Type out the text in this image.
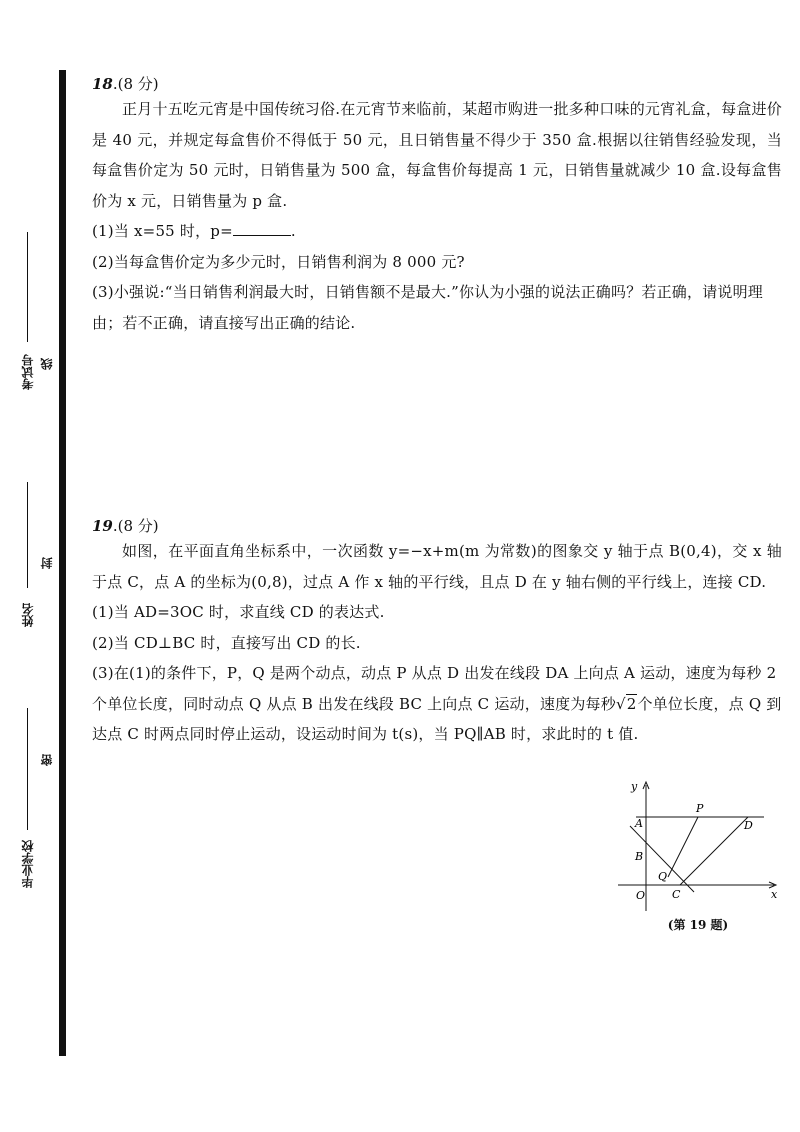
考试号
姓名
毕业学校
线
封
密
18.(8 分)

正月十五吃元宵是中国传统习俗.在元宵节来临前，某超市购进一批多种口味的元宵礼盒，每盒进价是 40 元，并规定每盒售价不得低于 50 元，且日销售量不得少于 350 盒.根据以往销售经验发现，当每盒售价定为 50 元时，日销售量为 500 盒，每盒售价每提高 1 元，日销售量就减少 10 盒.设每盒售价为 x 元，日销售量为 p 盒.

(1)当 x=55 时，p=	.

(2)当每盒售价定为多少元时，日销售利润为 8 000 元?

(3)小强说:“当日销售利润最大时，日销售额不是最大.”你认为小强的说法正确吗？若正确，请说明理由；若不正确，请直接写出正确的结论.

19.(8 分)

如图，在平面直角坐标系中，一次函数 y=−x+m(m 为常数)的图象交 y 轴于点 B(0,4)，交 x 轴于点 C，点 A 的坐标为(0,8)，过点 A 作 x 轴的平行线，且点 D 在 y 轴右侧的平行线上，连接 CD.

(1)当 AD=3OC 时，求直线 CD 的表达式.

(2)当 CD⊥BC 时，直接写出 CD 的长.

(3)在(1)的条件下，P，Q 是两个动点，动点 P 从点 D 出发在线段 DA 上向点 A 运动，速度为每秒 2 个单位长度，同时动点 Q 从点 B 出发在线段 BC 上向点 C 运动，速度为每秒√2个单位长度，点 Q 到达点 C 时两点同时停止运动，设运动时间为 t(s)，当 PQ∥AB 时，求此时的 t 值.

y
x
O
A
B
C
D
P
Q
(第 19 题)
